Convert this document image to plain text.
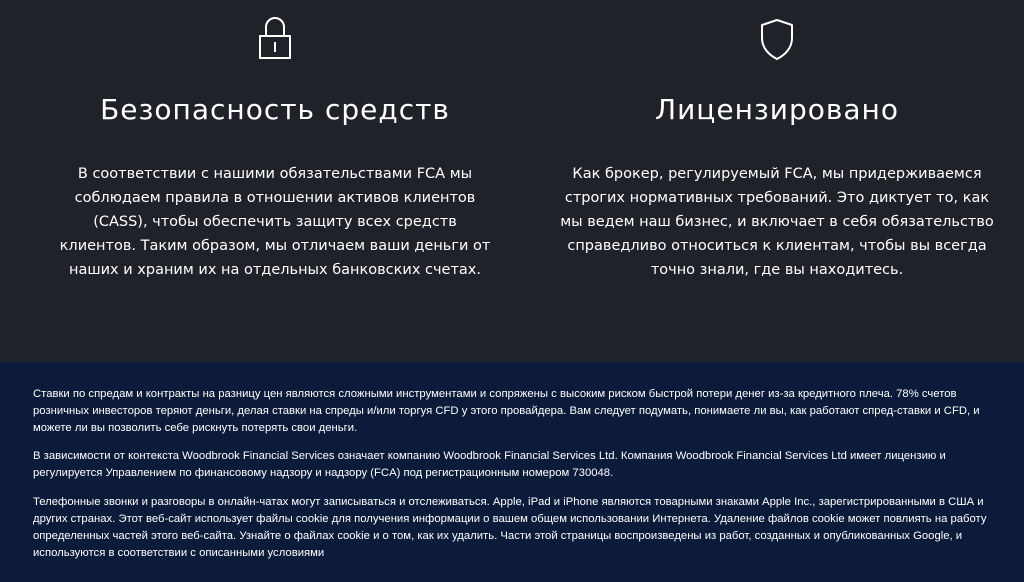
Безопасность средств

В соответствии с нашими обязательствами FCA мы соблюдаем правила в отношении активов клиентов (CASS), чтобы обеспечить защиту всех средств клиентов. Таким образом, мы отличаем ваши деньги от наших и храним их на отдельных банковских счетах.

Лицензировано

Как брокер, регулируемый FCA, мы придерживаемся строгих нормативных требований. Это диктует то, как мы ведем наш бизнес, и включает в себя обязательство справедливо относиться к клиентам, чтобы вы всегда точно знали, где вы находитесь.

Ставки по спредам и контракты на разницу цен являются сложными инструментами и сопряжены с высоким риском быстрой потери денег из-за кредитного плеча. 78% счетов розничных инвесторов теряют деньги, делая ставки на спреды и/или торгуя CFD у этого провайдера. Вам следует подумать, понимаете ли вы, как работают спред-ставки и CFD, и можете ли вы позволить себе рискнуть потерять свои деньги.

В зависимости от контекста Woodbrook Financial Services означает компанию Woodbrook Financial Services Ltd. Компания Woodbrook Financial Services Ltd имеет лицензию и регулируется Управлением по финансовому надзору и надзору (FCA) под регистрационным номером 730048.

Телефонные звонки и разговоры в онлайн-чатах могут записываться и отслеживаться. Apple, iPad и iPhone являются товарными знаками Apple Inc., зарегистрированными в США и других странах. Этот веб-сайт использует файлы cookie для получения информации о вашем общем использовании Интернета. Удаление файлов cookie может повлиять на работу определенных частей этого веб-сайта. Узнайте о файлах cookie и о том, как их удалить. Части этой страницы воспроизведены из работ, созданных и опубликованных Google, и используются в соответствии с описанными условиями
